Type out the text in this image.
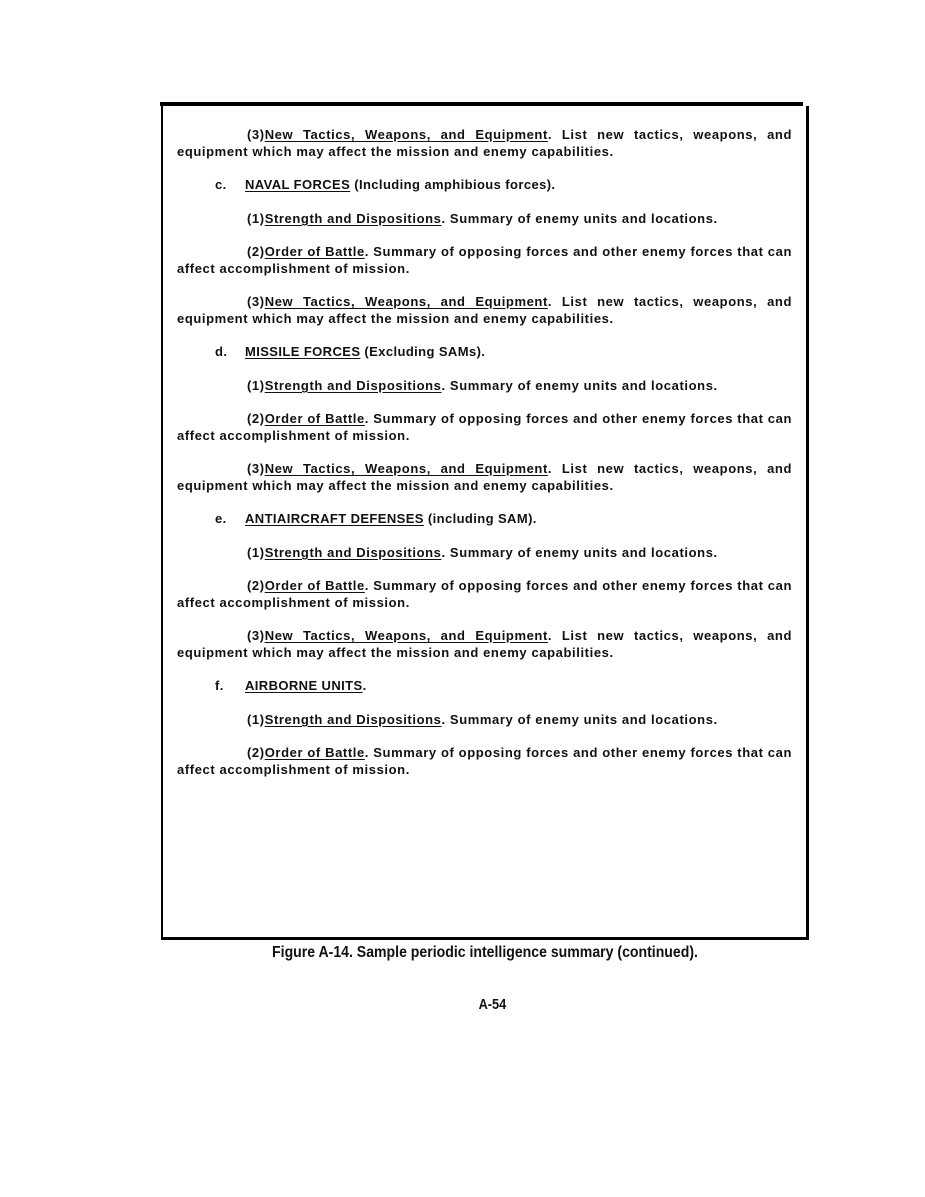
(3)New Tactics, Weapons, and Equipment. List new tactics, weapons, and equipment which may affect the mission and enemy capabilities.
c. NAVAL FORCES (Including amphibious forces).
(1)Strength and Dispositions. Summary of enemy units and locations.
(2)Order of Battle. Summary of opposing forces and other enemy forces that can affect accomplishment of mission.
(3)New Tactics, Weapons, and Equipment. List new tactics, weapons, and equipment which may affect the mission and enemy capabilities.
d. MISSILE FORCES (Excluding SAMs).
(1)Strength and Dispositions. Summary of enemy units and locations.
(2)Order of Battle. Summary of opposing forces and other enemy forces that can affect accomplishment of mission.
(3)New Tactics, Weapons, and Equipment. List new tactics, weapons, and equipment which may affect the mission and enemy capabilities.
e. ANTIAIRCRAFT DEFENSES (including SAM).
(1)Strength and Dispositions. Summary of enemy units and locations.
(2)Order of Battle. Summary of opposing forces and other enemy forces that can affect accomplishment of mission.
(3)New Tactics, Weapons, and Equipment. List new tactics, weapons, and equipment which may affect the mission and enemy capabilities.
f. AIRBORNE UNITS.
(1)Strength and Dispositions. Summary of enemy units and locations.
(2)Order of Battle. Summary of opposing forces and other enemy forces that can affect accomplishment of mission.
Figure A-14. Sample periodic intelligence summary (continued).
A-54
